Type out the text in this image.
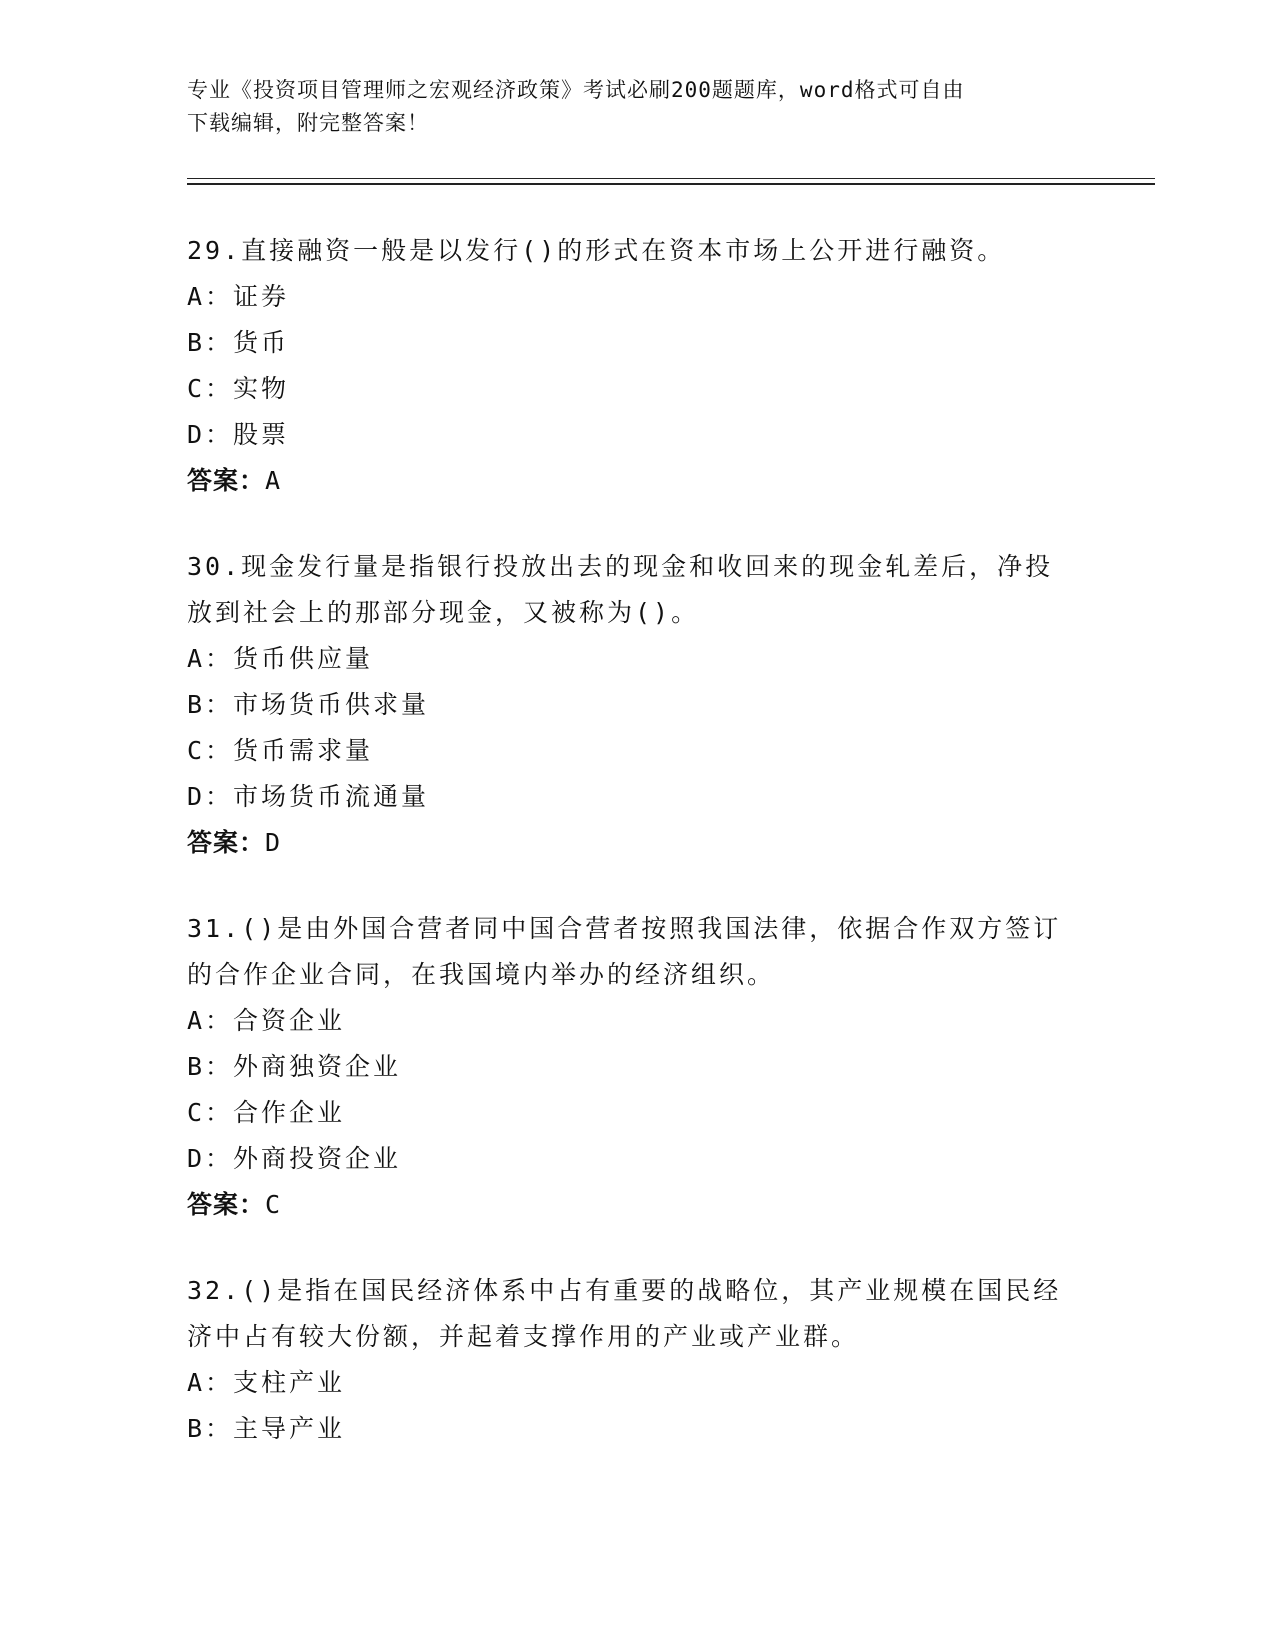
专业《投资项目管理师之宏观经济政策》考试必刷200题题库，word格式可自由
下载编辑，附完整答案！
29.直接融资一般是以发行()的形式在资本市场上公开进行融资。
A：证券
B：货币
C：实物
D：股票
答案：A
30.现金发行量是指银行投放出去的现金和收回来的现金轧差后，净投
放到社会上的那部分现金，又被称为()。
A：货币供应量
B：市场货币供求量
C：货币需求量
D：市场货币流通量
答案：D
31.()是由外国合营者同中国合营者按照我国法律，依据合作双方签订
的合作企业合同，在我国境内举办的经济组织。
A：合资企业
B：外商独资企业
C：合作企业
D：外商投资企业
答案：C
32.()是指在国民经济体系中占有重要的战略位，其产业规模在国民经
济中占有较大份额，并起着支撑作用的产业或产业群。
A：支柱产业
B：主导产业
